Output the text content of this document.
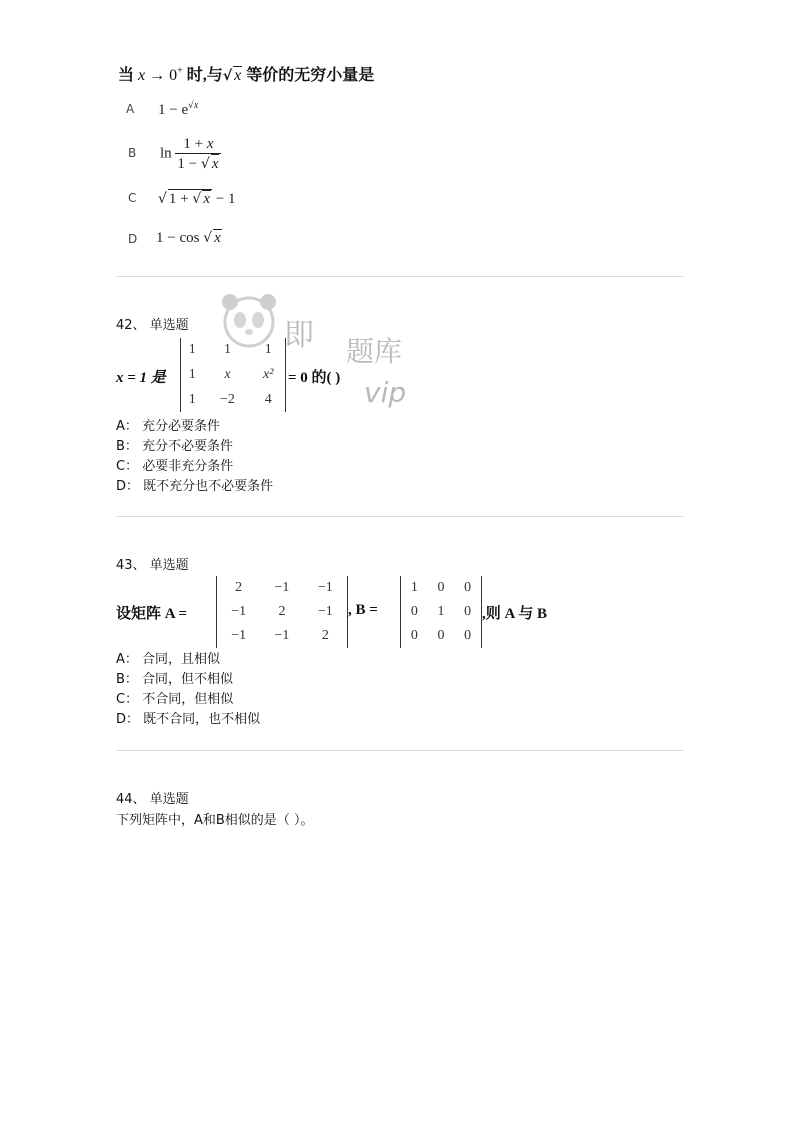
当 x → 0+ 时,与√ x 等价的无穷小量是
A $1 - e^{√x}$
B $\ln \frac{1 + x}{1 - √ x}$
C √ 1 + √ x − 1
D 1 − cos √ x
42、 单选题	即 题库
vip
x = 1 是
1	1	1
1	x	x²
1	−2	4
= 0 的( )
A： 充分必要条件
B： 充分不必要条件
C： 必要非充分条件
D： 既不充分也不必要条件
43、 单选题
设矩阵 A =
2	−1	−1
−1	2	−1
−1	−1	2
, B =
1	0	0
0	1	0
0	0	0
,则 A 与 B
A： 合同，且相似
B： 合同，但不相似
C： 不合同，但相似
D： 既不合同，也不相似
44、 单选题
下列矩阵中，A和B相似的是（ ）。
